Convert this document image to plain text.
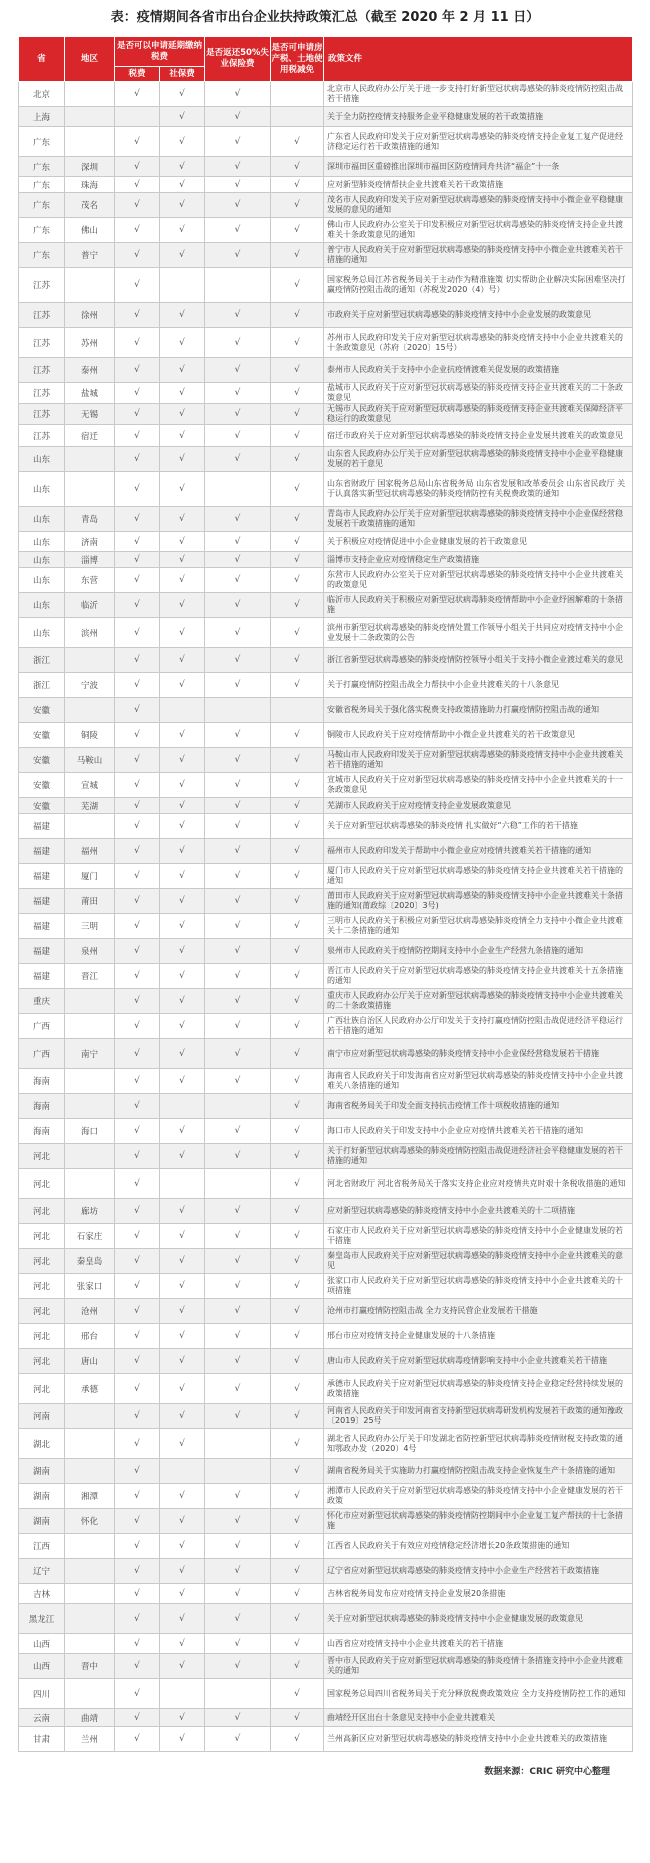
表：疫情期间各省市出台企业扶持政策汇总（截至 2020 年 2 月 11 日）
省	地区	是否可以申请延期缴纳税费		是否返还50%失业保险费	是否可申请房产税、土地使用税减免	政策文件
		税费	社保费			
北京		√	√	√		北京市人民政府办公厅关于进一步支持打好新型冠状病毒感染的肺炎疫情防控阻击战若干措施
上海			√	√		关于全力防控疫情支持服务企业平稳健康发展的若干政策措施
广东		√	√	√	√	广东省人民政府印发关于应对新型冠状病毒感染的肺炎疫情支持企业复工复产促进经济稳定运行若干政策措施的通知
广东	深圳	√	√	√	√	深圳市福田区重磅推出深圳市福田区防疫情同舟共济“福企”十一条
广东	珠海	√	√	√	√	应对新型肺炎疫情帮扶企业共渡难关若干政策措施
广东	茂名	√	√	√	√	茂名市人民政府印发关于应对新型冠状病毒感染的肺炎疫情支持中小微企业平稳健康发展的意见的通知
广东	佛山	√	√	√	√	佛山市人民政府办公室关于印发积极应对新型冠状病毒感染的肺炎疫情支持企业共渡难关十条政策意见的通知
广东	普宁	√	√	√	√	普宁市人民政府关于应对新型冠状病毒感染的肺炎疫情支持中小微企业共渡难关若干措施的通知
江苏		√			√	国家税务总局江苏省税务局关于主动作为精准施策 切实帮助企业解决实际困难坚决打赢疫情防控阻击战的通知（苏税发2020（4）号）
江苏	徐州	√	√	√	√	市政府关于应对新型冠状病毒感染的肺炎疫情支持中小企业发展的政策意见
江苏	苏州	√	√	√	√	苏州市人民政府印发关于应对新型冠状病毒感染的肺炎疫情支持中小企业共渡难关的十条政策意见（苏府〔2020〕15号）
江苏	泰州	√	√	√	√	泰州市人民政府关于支持中小企业抗疫情渡难关促发展的政策措施
江苏	盐城	√	√	√	√	盐城市人民政府关于应对新型冠状病毒感染的肺炎疫情支持企业共渡难关的二十条政策意见
江苏	无锡	√	√	√	√	无锡市人民政府关于应对新型冠状病毒感染的肺炎疫情支持企业共渡难关保障经济平稳运行的政策意见
江苏	宿迁	√	√	√	√	宿迁市政府关于应对新型冠状病毒感染的肺炎疫情支持企业发展共渡难关的政策意见
山东		√	√	√	√	山东省人民政府办公厅关于应对新型冠状病毒感染的肺炎疫情支持中小企业平稳健康发展的若干意见
山东		√	√		√	山东省财政厅 国家税务总局山东省税务局 山东省发展和改革委员会 山东省民政厅 关于认真落实新型冠状病毒感染的肺炎疫情防控有关税费政策的通知
山东	青岛	√	√	√	√	青岛市人民政府办公厅关于应对新型冠状病毒感染的肺炎疫情支持中小企业保经营稳发展若干政策措施的通知
山东	济南	√	√	√	√	关于积极应对疫情促进中小企业健康发展的若干政策意见
山东	淄博	√	√	√	√	淄博市支持企业应对疫情稳定生产政策措施
山东	东营	√	√	√	√	东营市人民政府办公室关于应对新型冠状病毒感染的肺炎疫情支持中小企业共渡难关的政策意见
山东	临沂	√	√	√	√	临沂市人民政府关于积极应对新型冠状病毒肺炎疫情帮助中小企业纾困解难的十条措施
山东	滨州	√	√	√	√	滨州市新型冠状病毒感染的肺炎疫情处置工作领导小组关于共同应对疫情支持中小企业发展十二条政策的公告
浙江		√	√	√	√	浙江省新型冠状病毒感染的肺炎疫情防控领导小组关于支持小微企业渡过难关的意见
浙江	宁波	√	√	√	√	关于打赢疫情防控阻击战全力帮扶中小企业共渡难关的十八条意见
安徽		√				安徽省税务局关于强化落实税费支持政策措施助力打赢疫情防控阻击战的通知
安徽	铜陵	√	√	√	√	铜陵市人民政府关于应对疫情帮助中小微企业共渡难关的若干政策意见
安徽	马鞍山	√	√	√	√	马鞍山市人民政府印发关于应对新型冠状病毒感染的肺炎疫情支持中小企业共渡难关若干措施的通知
安徽	宣城	√	√	√	√	宣城市人民政府关于应对新型冠状病毒感染的肺炎疫情支持中小企业共渡难关的十一条政策意见
安徽	芜湖	√	√	√	√	芜湖市人民政府关于应对疫情支持企业发展政策意见
福建		√	√	√	√	关于应对新型冠状病毒感染的肺炎疫情 扎实做好“六稳”工作的若干措施
福建	福州	√	√	√	√	福州市人民政府印发关于帮助中小微企业应对疫情共渡难关若干措施的通知
福建	厦门	√	√	√	√	厦门市人民政府关于应对新型冠状病毒感染的肺炎疫情支持企业共渡难关若干措施的通知
福建	莆田	√	√	√	√	莆田市人民政府关于应对新型冠状病毒感染的肺炎疫情支持中小企业共渡难关十条措施的通知(莆政综〔2020〕3号)
福建	三明	√	√	√	√	三明市人民政府关于积极应对新型冠状病毒感染肺炎疫情全力支持中小微企业共渡难关十二条措施的通知
福建	泉州	√	√	√	√	泉州市人民政府关于疫情防控期间支持中小企业生产经营九条措施的通知
福建	晋江	√	√	√	√	晋江市人民政府关于应对新型冠状病毒感染的肺炎疫情支持企业共渡难关十五条措施的通知
重庆		√	√	√	√	重庆市人民政府办公厅关于应对新型冠状病毒感染的肺炎疫情支持中小企业共渡难关的二十条政策措施
广西		√	√	√	√	广西壮族自治区人民政府办公厅印发关于支持打赢疫情防控阻击战促进经济平稳运行若干措施的通知
广西	南宁	√	√	√	√	南宁市应对新型冠状病毒感染的肺炎疫情支持中小企业保经营稳发展若干措施
海南		√	√	√	√	海南省人民政府关于印发海南省应对新型冠状病毒感染的肺炎疫情支持中小企业共渡难关八条措施的通知
海南		√			√	海南省税务局关于印发全面支持抗击疫情工作十项税收措施的通知
海南	海口	√	√	√	√	海口市人民政府关于印发支持中小企业应对疫情共渡难关若干措施的通知
河北		√	√	√	√	关于打好新型冠状病毒感染的肺炎疫情防控阻击战促进经济社会平稳健康发展的若干措施的通知
河北		√			√	河北省财政厅 河北省税务局关于落实支持企业应对疫情共克时艰十条税收措施的通知
河北	廊坊	√	√	√	√	应对新型冠状病毒感染的肺炎疫情支持中小企业共渡难关的十二项措施
河北	石家庄	√	√	√	√	石家庄市人民政府关于应对新型冠状病毒感染的肺炎疫情支持中小企业健康发展的若干措施
河北	秦皇岛	√	√	√	√	秦皇岛市人民政府关于应对新型冠状病毒感染的肺炎疫情支持中小企业共渡难关的意见
河北	张家口	√	√	√	√	张家口市人民政府关于应对新型冠状病毒感染的肺炎疫情支持中小企业共渡难关的十项措施
河北	沧州	√	√	√	√	沧州市打赢疫情防控阻击战 全力支持民营企业发展若干措施
河北	邢台	√	√	√	√	邢台市应对疫情支持企业健康发展的十八条措施
河北	唐山	√	√	√	√	唐山市人民政府关于应对新型冠状病毒疫情影响支持中小企业共渡难关若干措施
河北	承德	√	√	√	√	承德市人民政府关于应对新型冠状病毒感染的肺炎疫情支持企业稳定经营持续发展的政策措施
河南		√	√	√	√	河南省人民政府关于印发河南省支持新型冠状病毒研发机构发展若干政策的通知豫政〔2019〕25号
湖北		√	√		√	湖北省人民政府办公厅关于印发湖北省防控新型冠状病毒肺炎疫情财税支持政策的通知鄂政办发（2020）4号
湖南		√			√	湖南省税务局关于实施助力打赢疫情防控阻击战支持企业恢复生产十条措施的通知
湖南	湘潭	√	√	√	√	湘潭市人民政府关于应对新型冠状病毒感染的肺炎疫情支持中小企业健康发展的若干政策
湖南	怀化	√	√	√	√	怀化市应对新型冠状病毒感染的肺炎疫情防控期间中小企业复工复产帮扶的十七条措施
江西		√	√	√	√	江西省人民政府关于有效应对疫情稳定经济增长20条政策措施的通知
辽宁		√	√	√	√	辽宁省应对新型冠状病毒感染的肺炎疫情支持中小企业生产经营若干政策措施
吉林		√	√	√	√	吉林省税务局发布应对疫情支持企业发展20条措施
黑龙江		√	√	√	√	关于应对新型冠状病毒感染的肺炎疫情支持中小企业健康发展的政策意见
山西		√	√	√	√	山西省应对疫情支持中小企业共渡难关的若干措施
山西	晋中	√	√	√	√	晋中市人民政府关于应对新型冠状病毒感染的肺炎疫情十条措施支持中小企业共渡难关的通知
四川		√			√	国家税务总局四川省税务局关于充分释放税费政策效应 全力支持疫情防控工作的通知
云南	曲靖	√	√	√	√	曲靖经开区出台十条意见支持中小企业共渡难关
甘肃	兰州	√	√	√	√	兰州高新区应对新型冠状病毒感染的肺炎疫情支持中小企业共渡难关的政策措施
数据来源：CRIC 研究中心整理
